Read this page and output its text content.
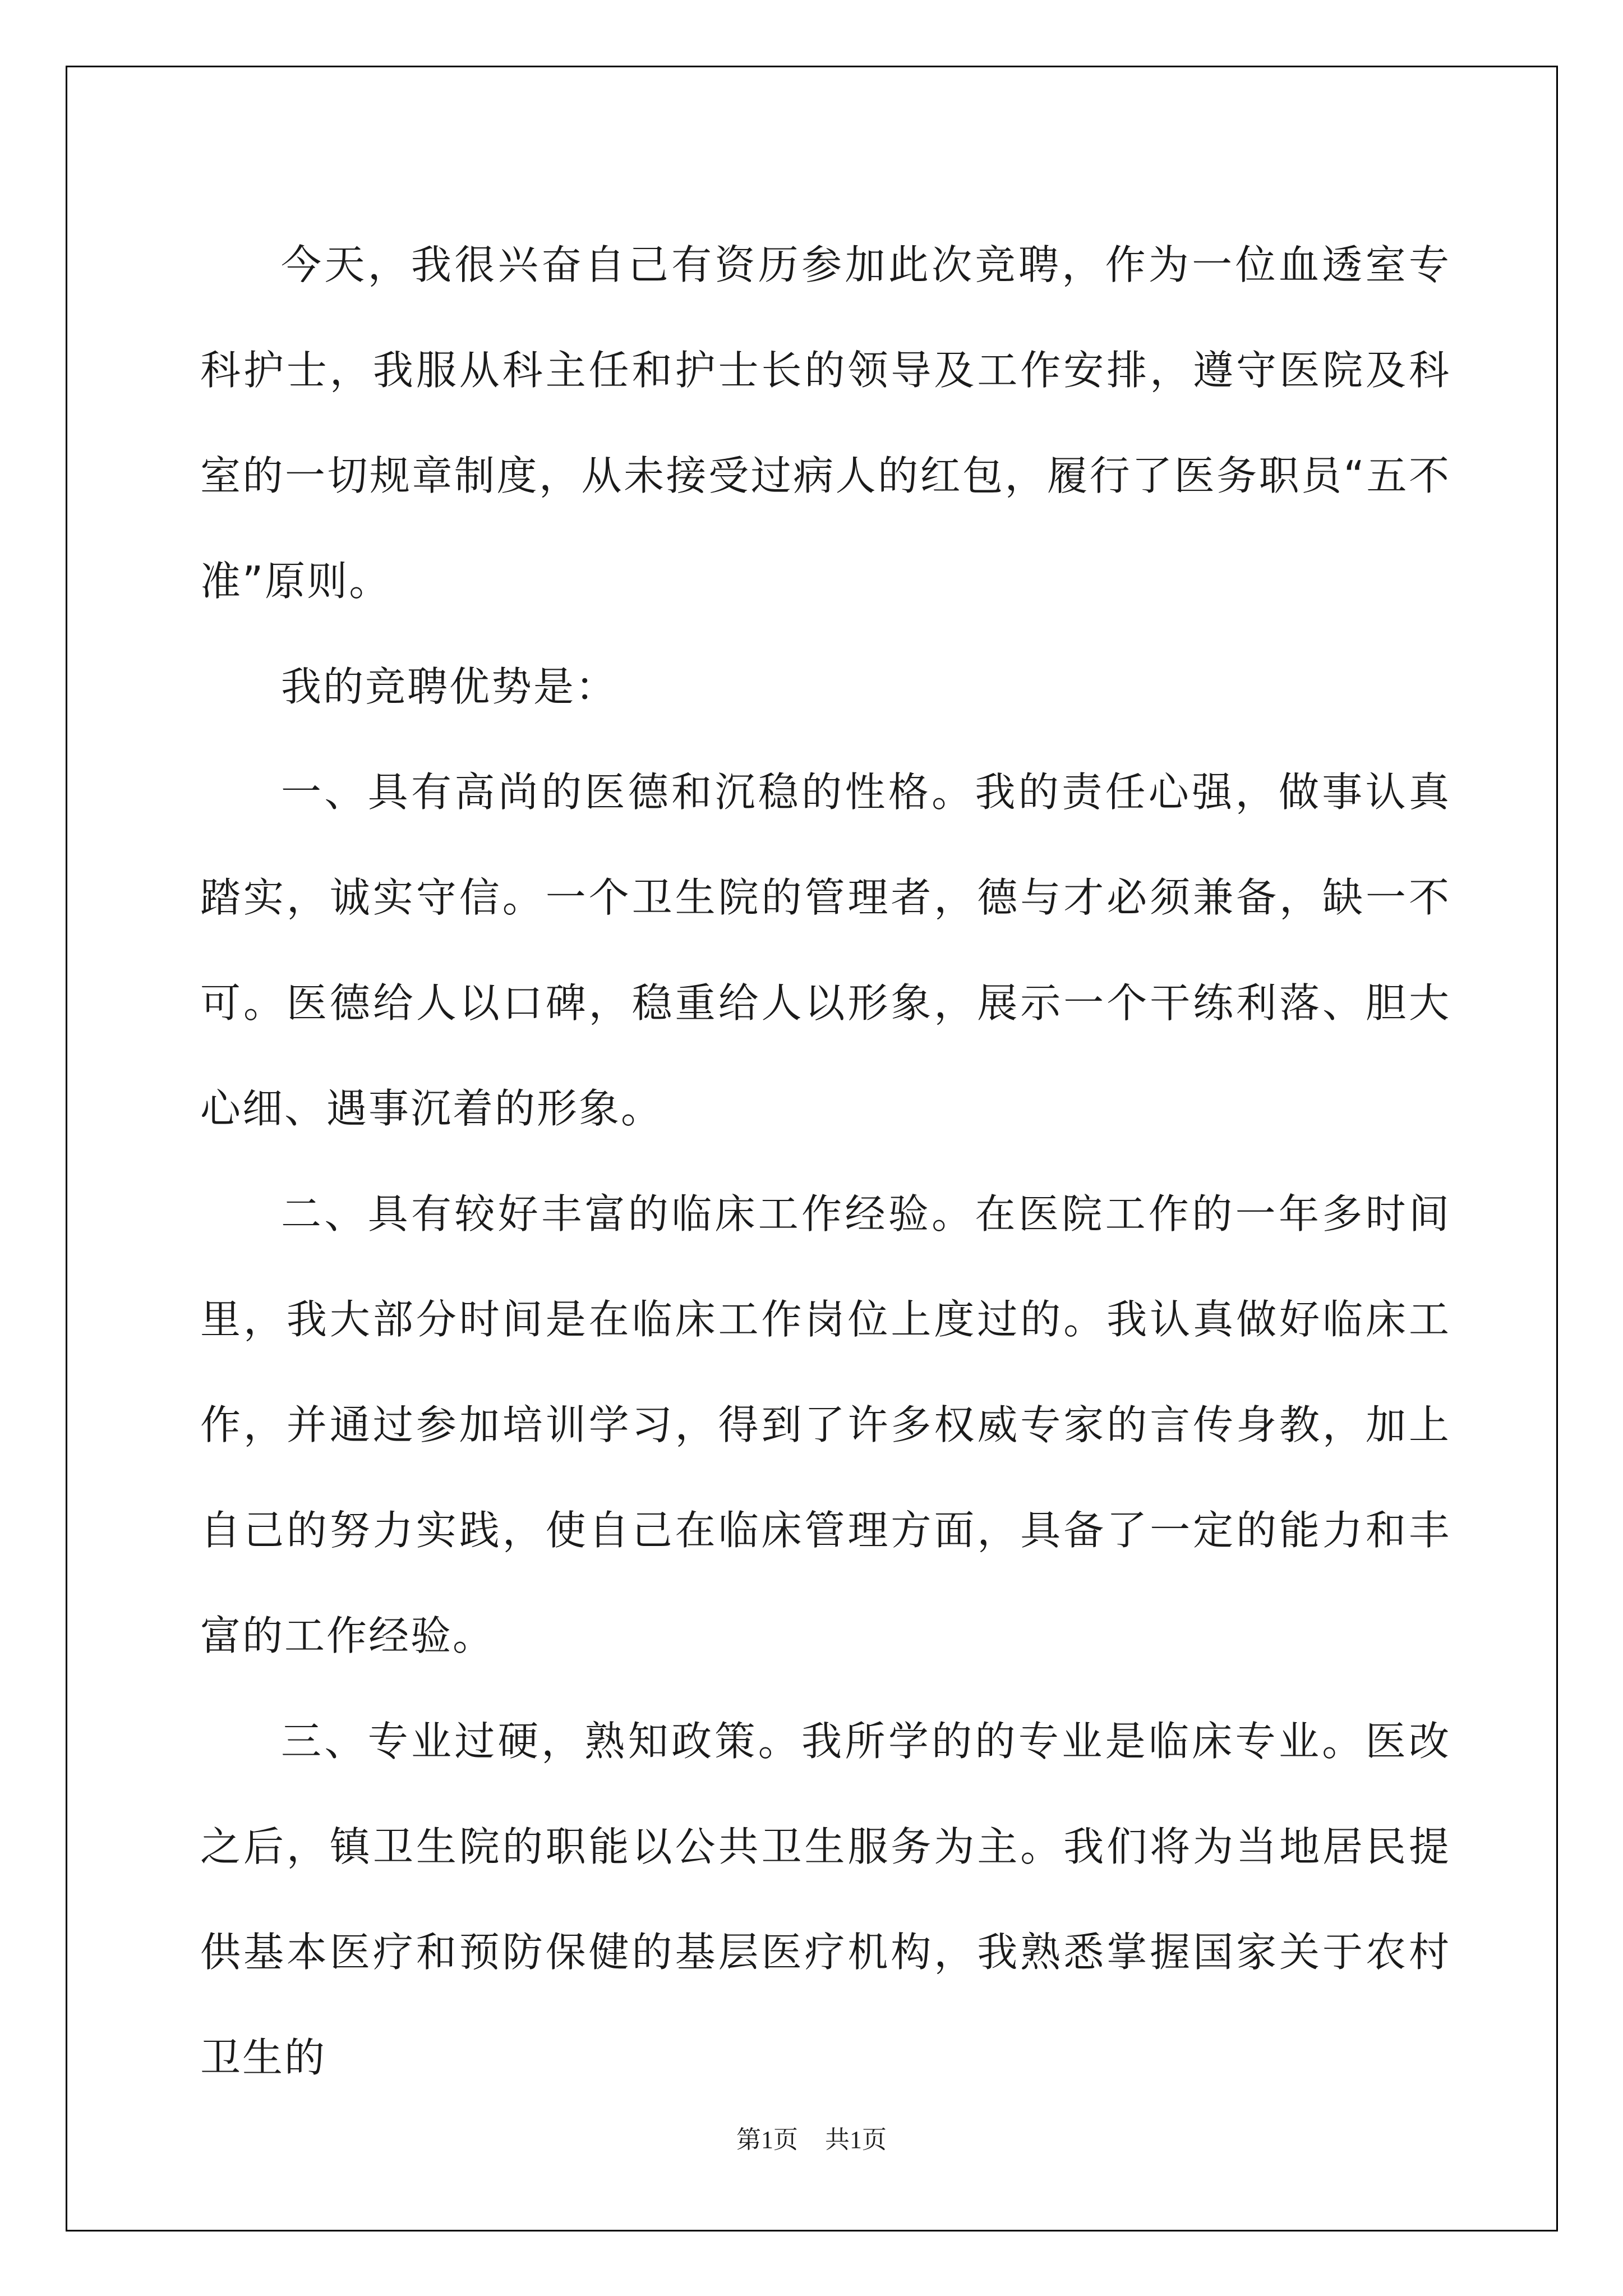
今天，我很兴奋自己有资历参加此次竞聘，作为一位血透室专科护士，我服从科主任和护士长的领导及工作安排，遵守医院及科室的一切规章制度，从未接受过病人的红包，履行了医务职员“五不准”原则。

我的竞聘优势是：

一、具有高尚的医德和沉稳的性格。我的责任心强，做事认真踏实，诚实守信。一个卫生院的管理者，德与才必须兼备，缺一不可。医德给人以口碑，稳重给人以形象，展示一个干练利落、胆大心细、遇事沉着的形象。

二、具有较好丰富的临床工作经验。在医院工作的一年多时间里，我大部分时间是在临床工作岗位上度过的。我认真做好临床工作，并通过参加培训学习，得到了许多权威专家的言传身教，加上自己的努力实践，使自己在临床管理方面，具备了一定的能力和丰富的工作经验。

三、专业过硬，熟知政策。我所学的的专业是临床专业。医改之后，镇卫生院的职能以公共卫生服务为主。我们将为当地居民提供基本医疗和预防保健的基层医疗机构，我熟悉掌握国家关于农村卫生的

第1页 共1页
